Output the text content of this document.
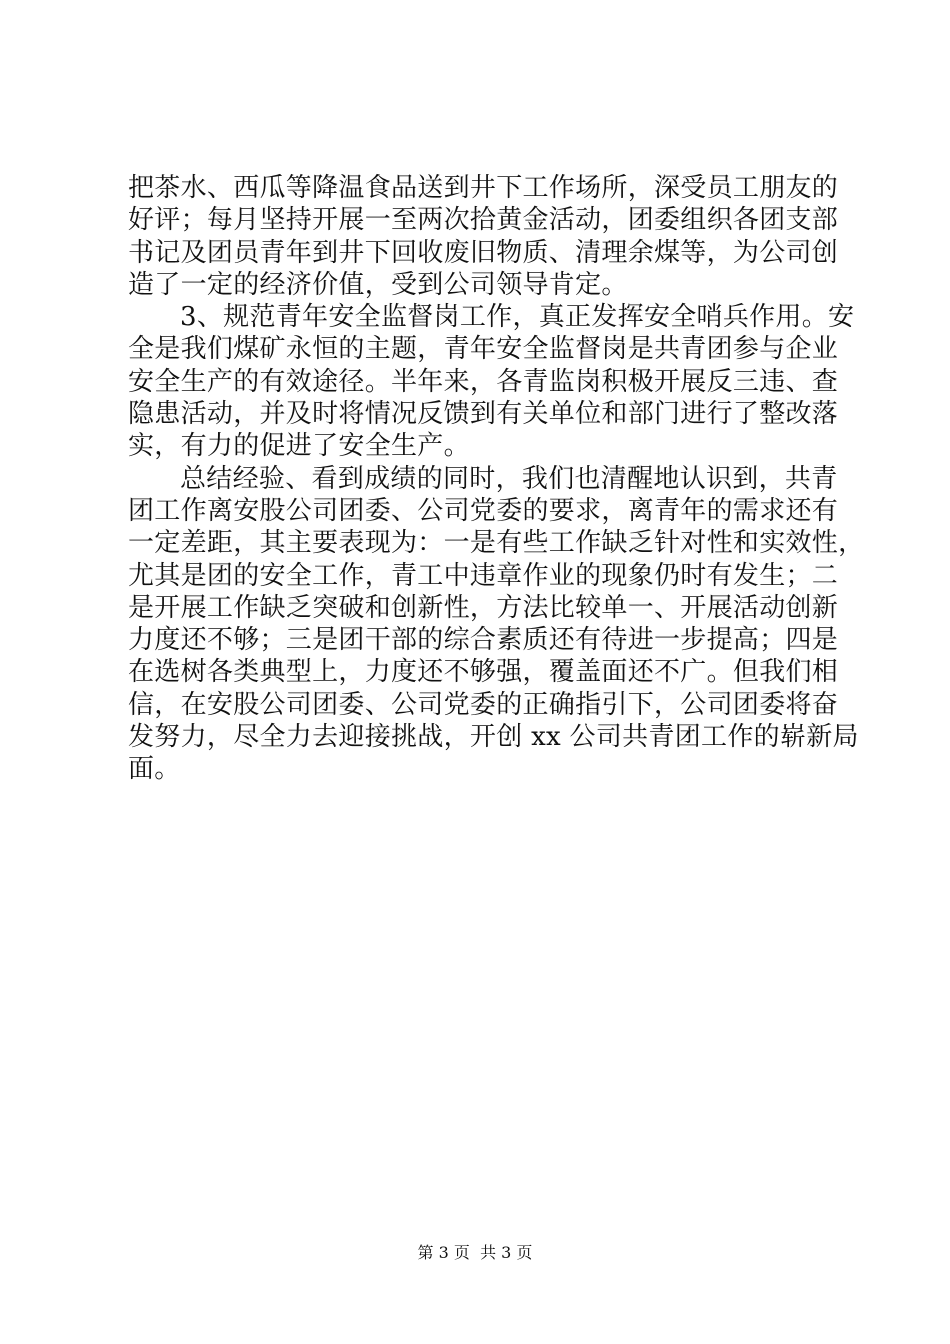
把茶水、西瓜等降温食品送到井下工作场所，深受员工朋友的
好评；每月坚持开展一至两次拾黄金活动，团委组织各团支部
书记及团员青年到井下回收废旧物质、清理余煤等，为公司创
造了一定的经济价值，受到公司领导肯定。
3、规范青年安全监督岗工作，真正发挥安全哨兵作用。安
全是我们煤矿永恒的主题，青年安全监督岗是共青团参与企业
安全生产的有效途径。半年来，各青监岗积极开展反三违、查
隐患活动，并及时将情况反馈到有关单位和部门进行了整改落
实，有力的促进了安全生产。
总结经验、看到成绩的同时，我们也清醒地认识到，共青
团工作离安股公司团委、公司党委的要求，离青年的需求还有
一定差距，其主要表现为：一是有些工作缺乏针对性和实效性，
尤其是团的安全工作，青工中违章作业的现象仍时有发生；二
是开展工作缺乏突破和创新性，方法比较单一、开展活动创新
力度还不够；三是团干部的综合素质还有待进一步提高；四是
在选树各类典型上，力度还不够强，覆盖面还不广。但我们相
信，在安股公司团委、公司党委的正确指引下，公司团委将奋
发努力，尽全力去迎接挑战，开创 xx 公司共青团工作的崭新局
面。
第 3 页  共 3 页
